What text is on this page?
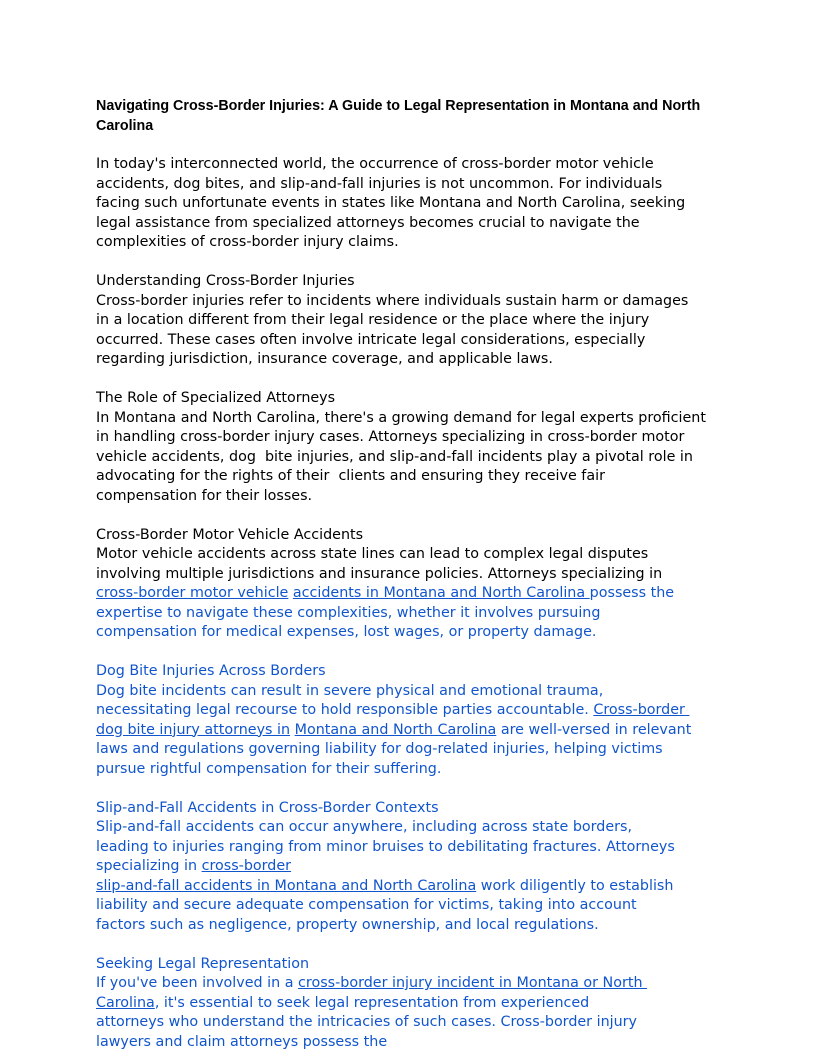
Navigating Cross-Border Injuries: A Guide to Legal Representation in Montana and North Carolina
In today's interconnected world, the occurrence of cross-border motor vehicle
accidents, dog bites, and slip-and-fall injuries is not uncommon. For individuals
facing such unfortunate events in states like Montana and North Carolina, seeking
legal assistance from specialized attorneys becomes crucial to navigate the
complexities of cross-border injury claims.
Understanding Cross-Border Injuries
Cross-border injuries refer to incidents where individuals sustain harm or damages
in a location different from their legal residence or the place where the injury
occurred. These cases often involve intricate legal considerations, especially
regarding jurisdiction, insurance coverage, and applicable laws.
The Role of Specialized Attorneys
In Montana and North Carolina, there's a growing demand for legal experts proficient
in handling cross-border injury cases. Attorneys specializing in cross-border motor
vehicle accidents, dog  bite injuries, and slip-and-fall incidents play a pivotal role in
advocating for the rights of their  clients and ensuring they receive fair
compensation for their losses.
Cross-Border Motor Vehicle Accidents
Motor vehicle accidents across state lines can lead to complex legal disputes
involving multiple jurisdictions and insurance policies. Attorneys specializing in
cross-border motor vehicle accidents in Montana and North Carolina possess the
expertise to navigate these complexities, whether it involves pursuing
compensation for medical expenses, lost wages, or property damage.
Dog Bite Injuries Across Borders
Dog bite incidents can result in severe physical and emotional trauma,
necessitating legal recourse to hold responsible parties accountable. Cross-border
dog bite injury attorneys in Montana and North Carolina are well-versed in relevant
laws and regulations governing liability for dog-related injuries, helping victims
pursue rightful compensation for their suffering.
Slip-and-Fall Accidents in Cross-Border Contexts
Slip-and-fall accidents can occur anywhere, including across state borders,
leading to injuries ranging from minor bruises to debilitating fractures. Attorneys
specializing in cross-border
slip-and-fall accidents in Montana and North Carolina work diligently to establish
liability and secure adequate compensation for victims, taking into account
factors such as negligence, property ownership, and local regulations.
Seeking Legal Representation
If you've been involved in a cross-border injury incident in Montana or North
Carolina, it's essential to seek legal representation from experienced
attorneys who understand the intricacies of such cases. Cross-border injury
lawyers and claim attorneys possess the
